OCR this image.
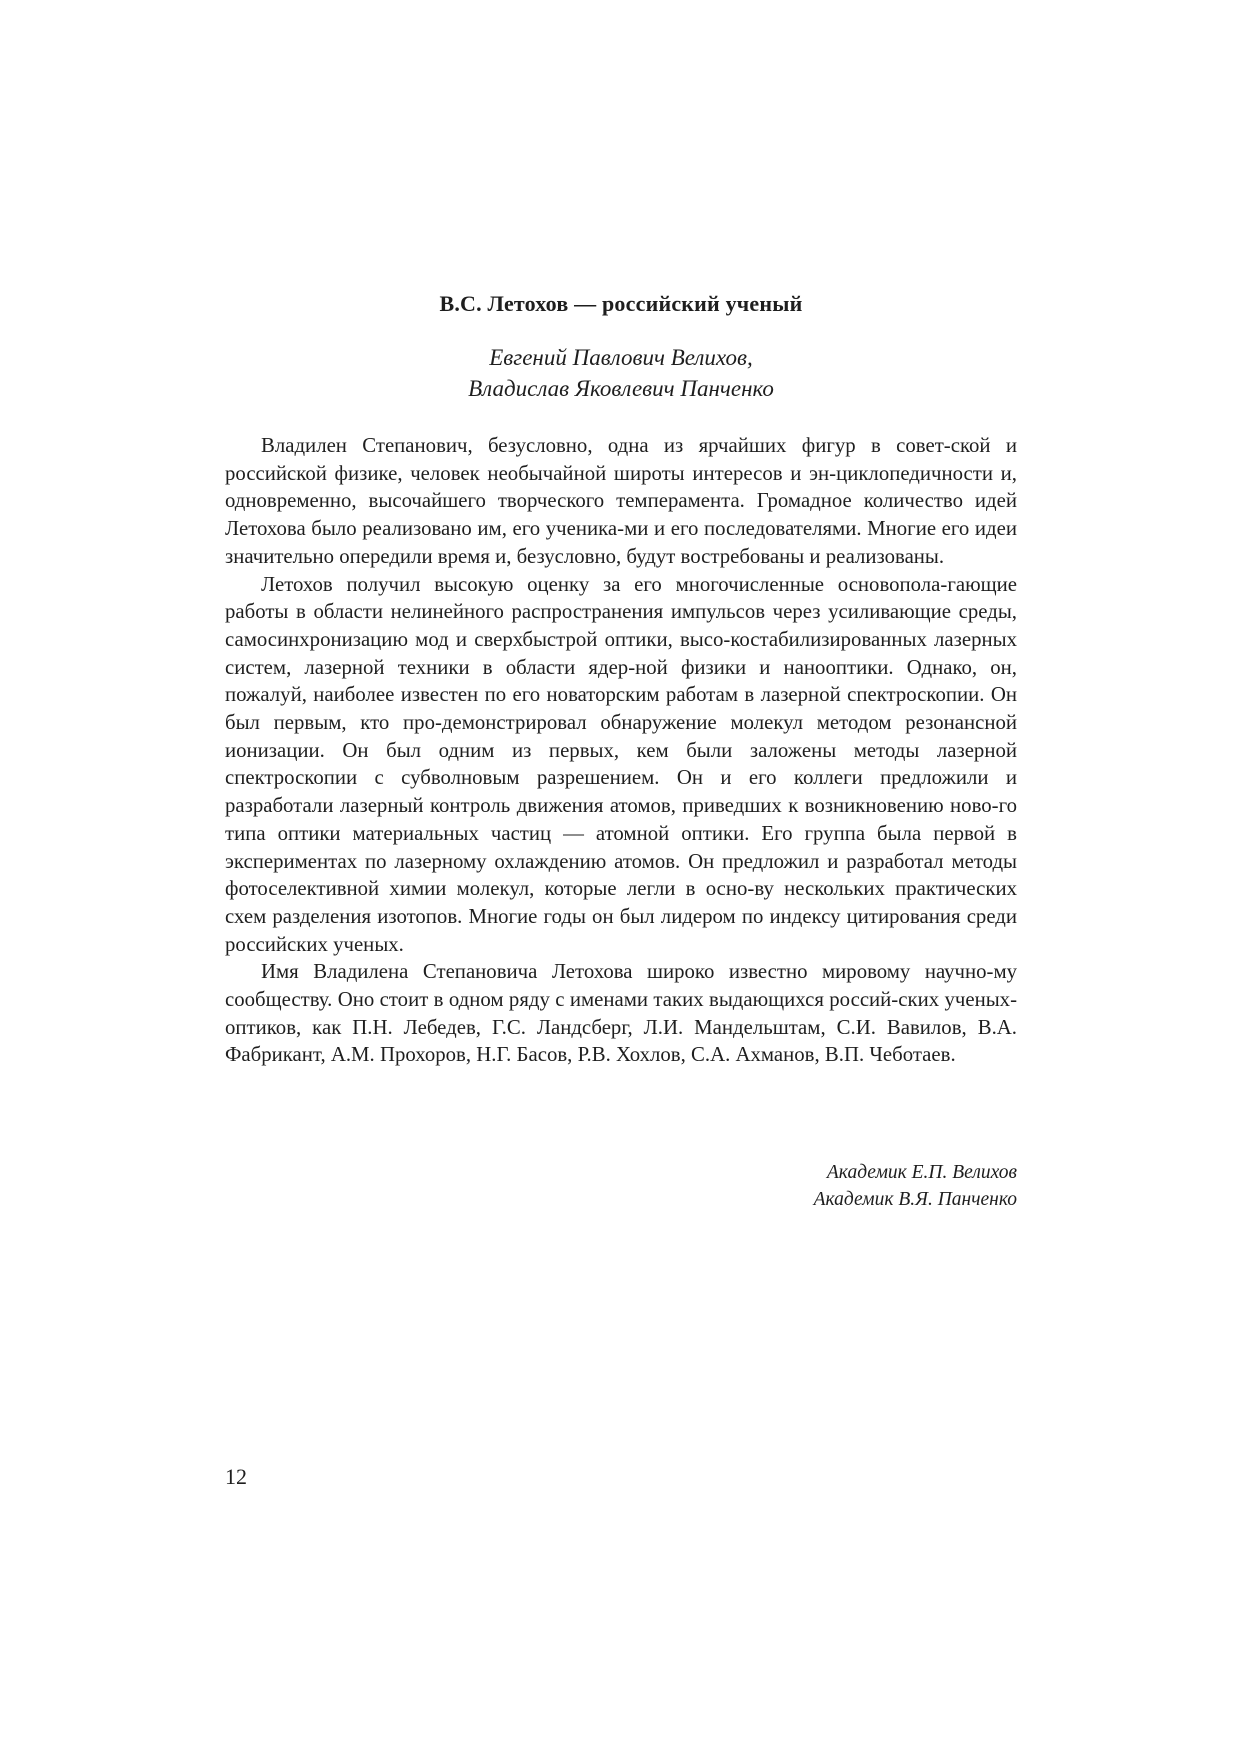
В.С. Летохов — российский ученый
Евгений Павлович Велихов,
Владислав Яковлевич Панченко

Владилен Степанович, безусловно, одна из ярчайших фигур в совет-ской и российской физике, человек необычайной широты интересов и эн-циклопедичности и, одновременно, высочайшего творческого темперамента. Громадное количество идей Летохова было реализовано им, его ученика-ми и его последователями. Многие его идеи значительно опередили время и, безусловно, будут востребованы и реализованы.

Летохов получил высокую оценку за его многочисленные основопола-гающие работы в области нелинейного распространения импульсов через усиливающие среды, самосинхронизацию мод и сверхбыстрой оптики, высо-костабилизированных лазерных систем, лазерной техники в области ядер-ной физики и нанооптики. Однако, он, пожалуй, наиболее известен по его новаторским работам в лазерной спектроскопии. Он был первым, кто про-демонстрировал обнаружение молекул методом резонансной ионизации. Он был одним из первых, кем были заложены методы лазерной спектроскопии с субволновым разрешением. Он и его коллеги предложили и разработали лазерный контроль движения атомов, приведших к возникновению ново-го типа оптики материальных частиц — атомной оптики. Его группа была первой в экспериментах по лазерному охлаждению атомов. Он предложил и разработал методы фотоселективной химии молекул, которые легли в осно-ву нескольких практических схем разделения изотопов. Многие годы он был лидером по индексу цитирования среди российских ученых.

Имя Владилена Степановича Летохова широко известно мировому научно-му сообществу. Оно стоит в одном ряду с именами таких выдающихся россий-ских ученых-оптиков, как П.Н. Лебедев, Г.С. Ландсберг, Л.И. Мандельштам, С.И. Вавилов, В.А. Фабрикант, А.М. Прохоров, Н.Г. Басов, Р.В. Хохлов, С.А. Ахманов, В.П. Чеботаев.

Академик Е.П. Велихов
Академик В.Я. Панченко
12
